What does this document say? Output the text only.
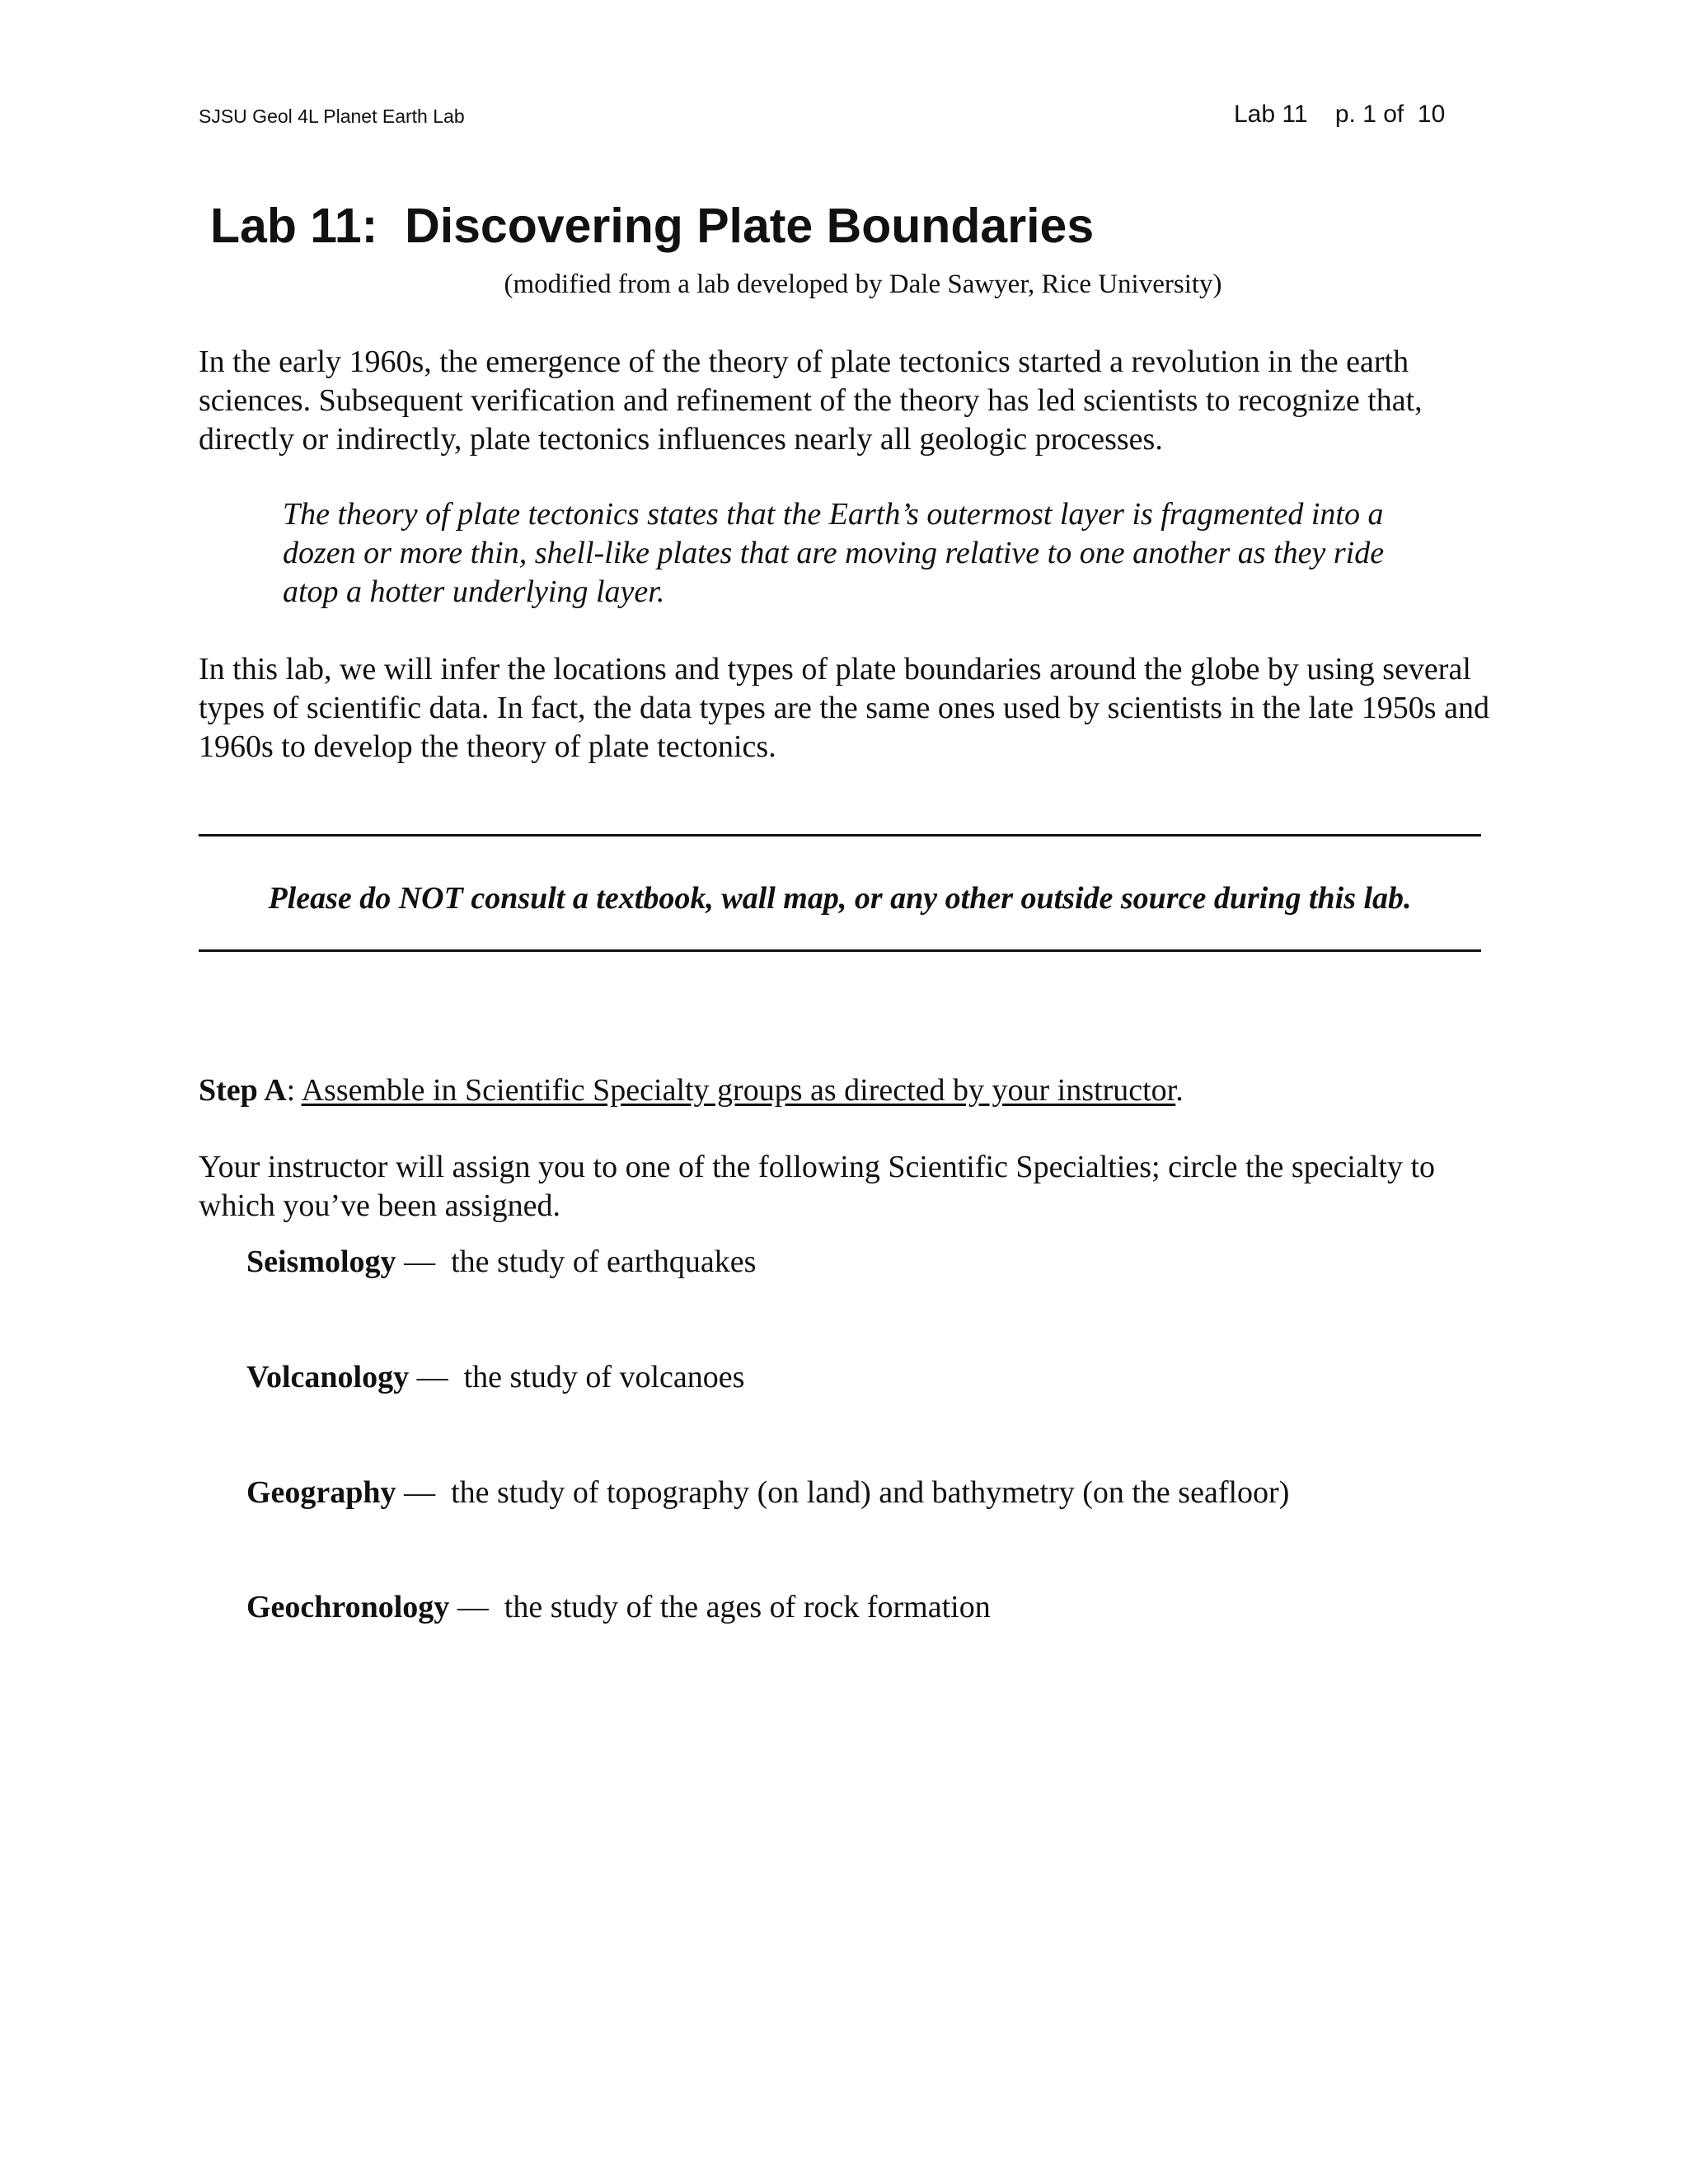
SJSU Geol 4L Planet Earth Lab	Lab 11    p. 1 of  10
Lab 11:  Discovering Plate Boundaries
(modified from a lab developed by Dale Sawyer, Rice University)

In the early 1960s, the emergence of the theory of plate tectonics started a revolution in the earth sciences. Subsequent verification and refinement of the theory has led scientists to recognize that, directly or indirectly, plate tectonics influences nearly all geologic processes.

The theory of plate tectonics states that the Earth’s outermost layer is fragmented into a dozen or more thin, shell-like plates that are moving relative to one another as they ride atop a hotter underlying layer.

In this lab, we will infer the locations and types of plate boundaries around the globe by using several types of scientific data. In fact, the data types are the same ones used by scientists in the late 1950s and 1960s to develop the theory of plate tectonics.

Please do NOT consult a textbook, wall map, or any other outside source during this lab.
Step A: Assemble in Scientific Specialty groups as directed by your instructor.

Your instructor will assign you to one of the following Scientific Specialties; circle the specialty to which you’ve been assigned.

Seismology —  the study of earthquakes
Volcanology —  the study of volcanoes
Geography —  the study of topography (on land) and bathymetry (on the seafloor)
Geochronology —  the study of the ages of rock formation
